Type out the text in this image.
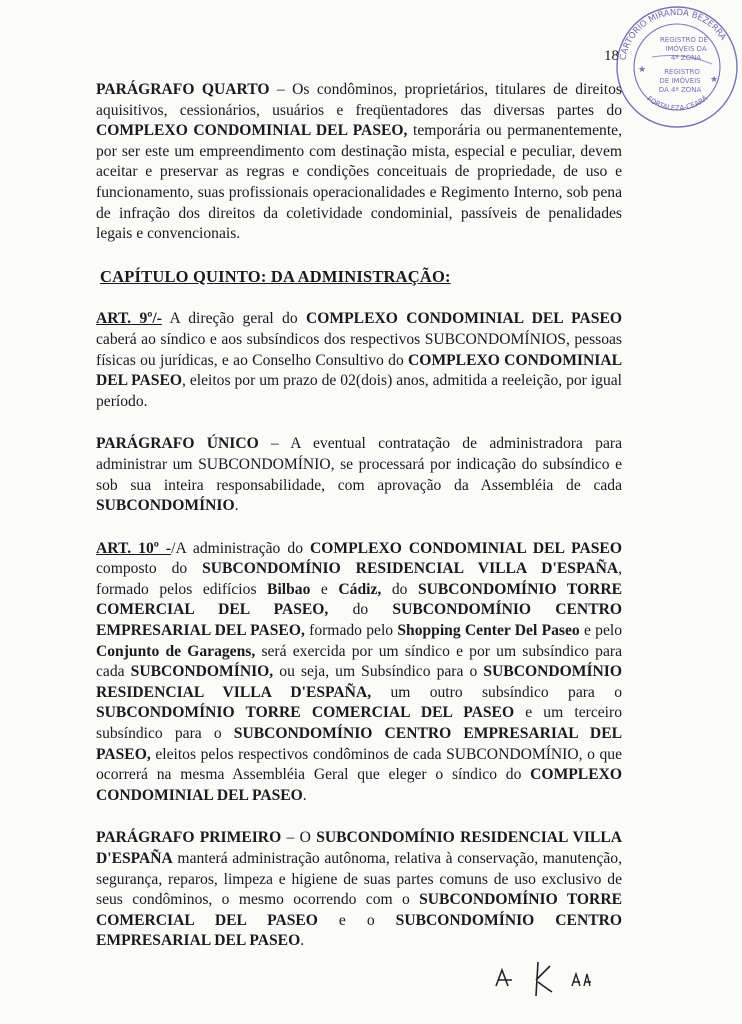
18 CARTÓRIO MIRANDA BEZERRA
FORTALEZA-CEARÁ
REGISTRO DE
IMÓVEIS DA
4ª ZONA
REGISTRO
DE IMÓVEIS
DA 4ª ZONA
★
★

PARÁGRAFO QUARTO – Os condôminos, proprietários, titulares de direitos aquisitivos, cessionários, usuários e freqüentadores das diversas partes do COMPLEXO CONDOMINIAL DEL PASEO, temporária ou permanentemente, por ser este um empreendimento com destinação mista, especial e peculiar, devem aceitar e preservar as regras e condições conceituais de propriedade, de uso e funcionamento, suas profissionais operacionalidades e Regimento Interno, sob pena de infração dos direitos da coletividade condominial, passíveis de penalidades legais e convencionais.

CAPÍTULO QUINTO: DA ADMINISTRAÇÃO:

ART. 9º/- A direção geral do COMPLEXO CONDOMINIAL DEL PASEO caberá ao síndico e aos subsíndicos dos respectivos SUBCONDOMÍNIOS, pessoas físicas ou jurídicas, e ao Conselho Consultivo do COMPLEXO CONDOMINIAL DEL PASEO, eleitos por um prazo de 02(dois) anos, admitida a reeleição, por igual período.

PARÁGRAFO ÚNICO – A eventual contratação de administradora para administrar um SUBCONDOMÍNIO, se processará por indicação do subsíndico e sob sua inteira responsabilidade, com aprovação da Assembléia de cada SUBCONDOMÍNIO.

ART. 10º -/A administração do COMPLEXO CONDOMINIAL DEL PASEO composto do SUBCONDOMÍNIO RESIDENCIAL VILLA D'ESPAÑA, formado pelos edifícios Bilbao e Cádiz, do SUBCONDOMÍNIO TORRE COMERCIAL DEL PASEO, do SUBCONDOMÍNIO CENTRO EMPRESARIAL DEL PASEO, formado pelo Shopping Center Del Paseo e pelo Conjunto de Garagens, será exercida por um síndico e por um subsíndico para cada SUBCONDOMÍNIO, ou seja, um Subsíndico para o SUBCONDOMÍNIO RESIDENCIAL VILLA D'ESPAÑA, um outro subsíndico para o SUBCONDOMÍNIO TORRE COMERCIAL DEL PASEO e um terceiro subsíndico para o SUBCONDOMÍNIO CENTRO EMPRESARIAL DEL PASEO, eleitos pelos respectivos condôminos de cada SUBCONDOMÍNIO, o que ocorrerá na mesma Assembléia Geral que eleger o síndico do COMPLEXO CONDOMINIAL DEL PASEO.

PARÁGRAFO PRIMEIRO – O SUBCONDOMÍNIO RESIDENCIAL VILLA D'ESPAÑA manterá administração autônoma, relativa à conservação, manutenção, segurança, reparos, limpeza e higiene de suas partes comuns de uso exclusivo de seus condôminos, o mesmo ocorrendo com o SUBCONDOMÍNIO TORRE COMERCIAL DEL PASEO e o SUBCONDOMÍNIO CENTRO EMPRESARIAL DEL PASEO.
